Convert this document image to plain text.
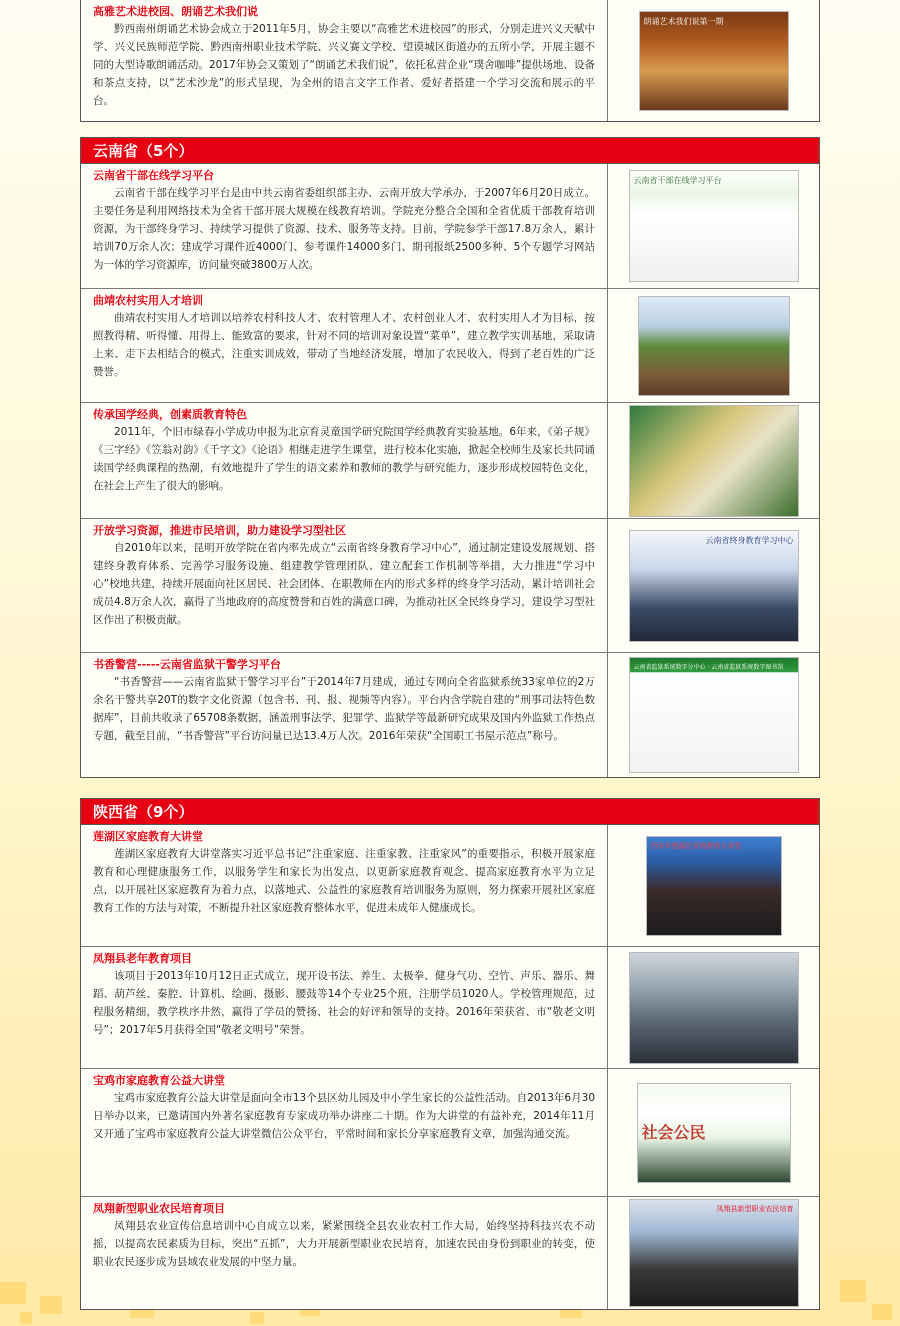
高雅艺术进校园、朗诵艺术我们说
黔西南州朗诵艺术协会成立于2011年5月，协会主要以“高雅艺术进校园”的形式，分别走进兴义天赋中学、兴义民族师范学院、黔西南州职业技术学院、兴义赛文学校、望谟城区街道办的五所小学，开展主题不同的大型诗歌朗诵活动。2017年协会又策划了“朗诵艺术我们说”，依托私营企业“璞舍咖啡”提供场地、设备和茶点支持，以“艺术沙龙”的形式呈现，为全州的语言文字工作者、爱好者搭建一个学习交流和展示的平台。
朗诵艺术我们说第一期
云南省（5个）
云南省干部在线学习平台
云南省干部在线学习平台是由中共云南省委组织部主办、云南开放大学承办，于2007年6月20日成立。主要任务是利用网络技术为全省干部开展大规模在线教育培训。学院充分整合全国和全省优质干部教育培训资源，为干部终身学习、持续学习提供了资源、技术、服务等支持。目前，学院参学干部17.8万余人，累计培训70万余人次；建成学习课件近4000门、参考课件14000多门、期刊报纸2500多种、5个专题学习网站为一体的学习资源库，访问量突破3800万人次。
云南省干部在线学习平台
曲靖农村实用人才培训
曲靖农村实用人才培训以培养农村科技人才、农村管理人才、农村创业人才、农村实用人才为目标，按照教得精、听得懂、用得上、能致富的要求，针对不同的培训对象设置“菜单”，建立教学实训基地，采取请上来、走下去相结合的模式，注重实训成效，带动了当地经济发展，增加了农民收入，得到了老百姓的广泛赞誉。
传承国学经典，创素质教育特色
2011年，个旧市绿春小学成功申报为北京育灵童国学研究院国学经典教育实验基地。6年来，《弟子规》《三字经》《笠翁对韵》《千字文》《论语》相继走进学生课堂，进行校本化实施，掀起全校师生及家长共同诵读国学经典课程的热潮，有效地提升了学生的语文素养和教师的教学与研究能力，逐步形成校园特色文化，在社会上产生了很大的影响。
开放学习资源，推进市民培训，助力建设学习型社区
自2010年以来，昆明开放学院在省内率先成立“云南省终身教育学习中心”，通过制定建设发展规划、搭建终身教育体系、完善学习服务设施、组建教学管理团队、建立配套工作机制等举措，大力推进“学习中心”校地共建，持续开展面向社区居民、社会团体、在职教师在内的形式多样的终身学习活动，累计培训社会成员4.8万余人次，赢得了当地政府的高度赞誉和百姓的满意口碑，为推动社区全民终身学习，建设学习型社区作出了积极贡献。
云南省终身教育学习中心
书香警营-----云南省监狱干警学习平台
“书香警营——云南省监狱干警学习平台”于2014年7月建成，通过专网向全省监狱系统33家单位的2万余名干警共享20T的数字文化资源（包含书、刊、报、视频等内容）。平台内含学院自建的“刑事司法特色数据库”，目前共收录了65708条数据，涵盖刑事法学、犯罪学、监狱学等最新研究成果及国内外监狱工作热点专题，截至目前，“书香警营”平台访问量已达13.4万人次。2016年荣获“全国职工书屋示范点”称号。
云南省监狱系统数字分中心 · 云南省监狱系统数字图书馆
陕西省（9个）
莲湖区家庭教育大讲堂
莲湖区家庭教育大讲堂落实习近平总书记“注重家庭、注重家教、注重家风”的重要指示，积极开展家庭教育和心理健康服务工作，以服务学生和家长为出发点，以更新家庭教育观念、提高家庭教育水平为立足点，以开展社区家庭教育为着力点，以落地式、公益性的家庭教育培训服务为原则，努力探索开展社区家庭教育工作的方法与对策，不断提升社区家庭教育整体水平，促进未成年人健康成长。
西安市莲湖区家庭教育大讲堂
凤翔县老年教育项目
该项目于2013年10月12日正式成立，现开设书法、养生、太极拳、健身气功、空竹、声乐、器乐、舞蹈、葫芦丝、秦腔、计算机、绘画、摄影、腰鼓等14个专业25个班，注册学员1020人。学校管理规范，过程服务精细，教学秩序井然，赢得了学员的赞扬、社会的好评和领导的支持。2016年荣获省、市“敬老文明号”；2017年5月获得全国“敬老文明号”荣誉。
宝鸡市家庭教育公益大讲堂
宝鸡市家庭教育公益大讲堂是面向全市13个县区幼儿园及中小学生家长的公益性活动。自2013年6月30日举办以来，已邀请国内外著名家庭教育专家成功举办讲座二十期。作为大讲堂的有益补充，2014年11月又开通了宝鸡市家庭教育公益大讲堂微信公众平台，平常时间和家长分享家庭教育文章，加强沟通交流。	社会公民
凤翔新型职业农民培育项目
凤翔县农业宣传信息培训中心自成立以来，紧紧围绕全县农业农村工作大局，始终坚持科技兴农不动摇，以提高农民素质为目标，突出“五抓”，大力开展新型职业农民培育，加速农民由身份到职业的转变，使职业农民逐步成为县域农业发展的中坚力量。
凤翔县新型职业农民培育
